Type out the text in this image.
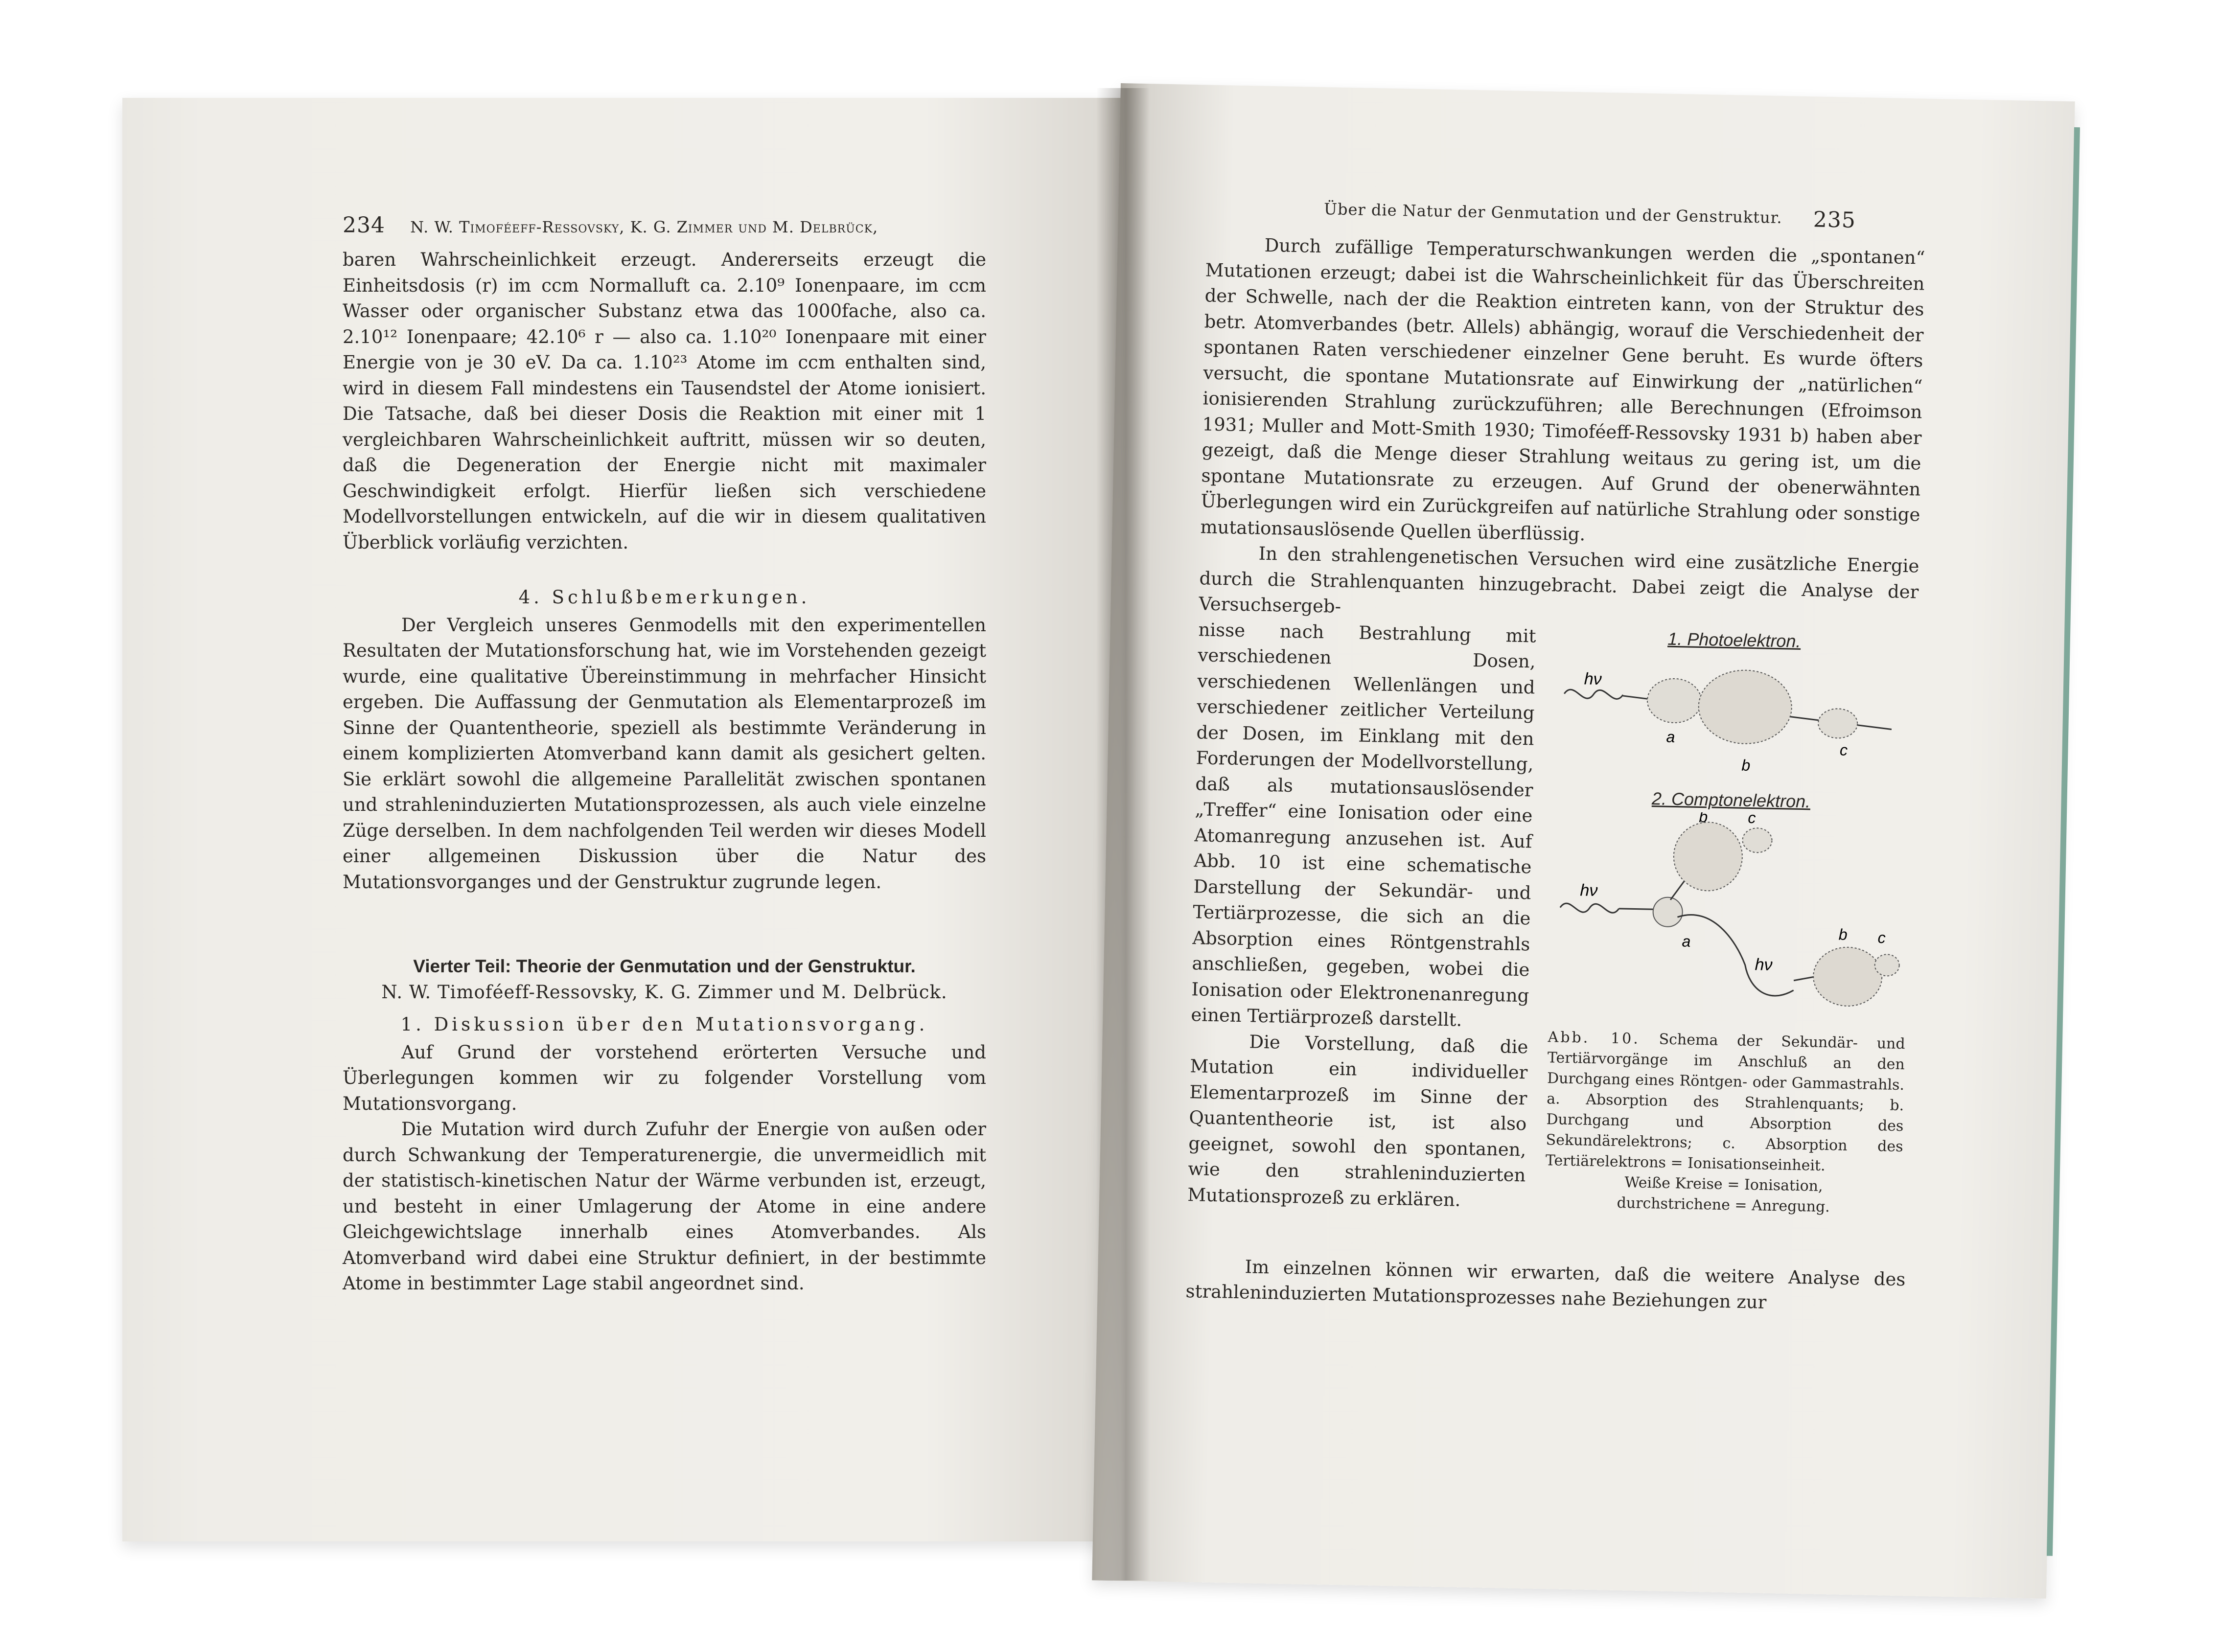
234 N. W. Timoféeff-Ressovsky, K. G. Zimmer und M. Delbrück,

baren Wahrscheinlichkeit erzeugt. Andererseits erzeugt die Einheitsdosis (r) im ccm Normalluft ca. 2.10⁹ Ionenpaare, im ccm Wasser oder organischer Substanz etwa das 1000fache, also ca. 2.10¹² Ionenpaare; 42.10⁶ r — also ca. 1.10²⁰ Ionenpaare mit einer Energie von je 30 eV. Da ca. 1.10²³ Atome im ccm enthalten sind, wird in diesem Fall mindestens ein Tausendstel der Atome ionisiert. Die Tatsache, daß bei dieser Dosis die Reaktion mit einer mit 1 vergleichbaren Wahrscheinlichkeit auftritt, müssen wir so deuten, daß die Degeneration der Energie nicht mit maximaler Geschwindigkeit erfolgt. Hierfür ließen sich verschiedene Modellvorstellungen entwickeln, auf die wir in diesem qualitativen Überblick vorläufig verzichten.

4. Schlußbemerkungen.

Der Vergleich unseres Genmodells mit den experimentellen Resultaten der Mutationsforschung hat, wie im Vorstehenden gezeigt wurde, eine qualitative Übereinstimmung in mehrfacher Hinsicht ergeben. Die Auffassung der Genmutation als Elementarprozeß im Sinne der Quantentheorie, speziell als bestimmte Veränderung in einem komplizierten Atomverband kann damit als gesichert gelten. Sie erklärt sowohl die allgemeine Parallelität zwischen spontanen und strahleninduzierten Mutationsprozessen, als auch viele einzelne Züge derselben. In dem nachfolgenden Teil werden wir dieses Modell einer allgemeinen Diskussion über die Natur des Mutationsvorganges und der Genstruktur zugrunde legen.

Vierter Teil: Theorie der Genmutation und der Genstruktur.
N. W. Timoféeff-Ressovsky, K. G. Zimmer und M. Delbrück.
1. Diskussion über den Mutationsvorgang.

Auf Grund der vorstehend erörterten Versuche und Überlegungen kommen wir zu folgender Vorstellung vom Mutationsvorgang.

Die Mutation wird durch Zufuhr der Energie von außen oder durch Schwankung der Temperaturenergie, die unvermeidlich mit der statistisch-kinetischen Natur der Wärme verbunden ist, erzeugt, und besteht in einer Umlagerung der Atome in eine andere Gleichgewichtslage innerhalb eines Atomverbandes. Als Atomverband wird dabei eine Struktur definiert, in der bestimmte Atome in bestimmter Lage stabil angeordnet sind.

Über die Natur der Genmutation und der Genstruktur. 235

Durch zufällige Temperaturschwankungen werden die „spontanen“ Mutationen erzeugt; dabei ist die Wahrscheinlichkeit für das Überschreiten der Schwelle, nach der die Reaktion eintreten kann, von der Struktur des betr. Atomverbandes (betr. Allels) abhängig, worauf die Verschiedenheit der spontanen Raten verschiedener einzelner Gene beruht. Es wurde öfters versucht, die spontane Mutationsrate auf Einwirkung der „natürlichen“ ionisierenden Strahlung zurückzuführen; alle Berechnungen (Efroimson 1931; Muller and Mott-Smith 1930; Timoféeff-Ressovsky 1931 b) haben aber gezeigt, daß die Menge dieser Strahlung weitaus zu gering ist, um die spontane Mutationsrate zu erzeugen. Auf Grund der obenerwähnten Überlegungen wird ein Zurückgreifen auf natürliche Strahlung oder sonstige mutationsauslösende Quellen überflüssig.

In den strahlengenetischen Versuchen wird eine zusätzliche Energie durch die Strahlenquanten hinzugebracht. Dabei zeigt die Analyse der Versuchsergeb-

nisse nach Bestrahlung mit verschiedenen Dosen, verschiedenen Wellenlängen und verschiedener zeitlicher Verteilung der Dosen, im Einklang mit den Forderungen der Modellvorstellung, daß als mutationsauslösender „Treffer“ eine Ionisation oder eine Atomanregung anzusehen ist. Auf Abb. 10 ist eine schematische Darstellung der Sekundär- und Tertiärprozesse, die sich an die Absorption eines Röntgenstrahls anschließen, gegeben, wobei die Ionisation oder Elektronenanregung einen Tertiärprozeß darstellt.

Die Vorstellung, daß die Mutation ein individueller Elementarprozeß im Sinne der Quantentheorie ist, ist also geeignet, sowohl den spontanen, wie den strahleninduzierten Mutationsprozeß zu erklären.

1. Photoelektron.
hν
a
b
c
2. Comptonelektron.
hν
a
b	c
hν
b c
Abb. 10. Schema der Sekundär- und Tertiärvorgänge im Anschluß an den Durchgang eines Röntgen- oder Gammastrahls. a. Absorption des Strahlenquants; b. Durchgang und Absorption des Sekundärelektrons; c. Absorption des Tertiärelektrons = Ionisationseinheit.
Weiße Kreise = Ionisation,
durchstrichene = Anregung.

Im einzelnen können wir erwarten, daß die weitere Analyse des strahleninduzierten Mutationsprozesses nahe Beziehungen zur
